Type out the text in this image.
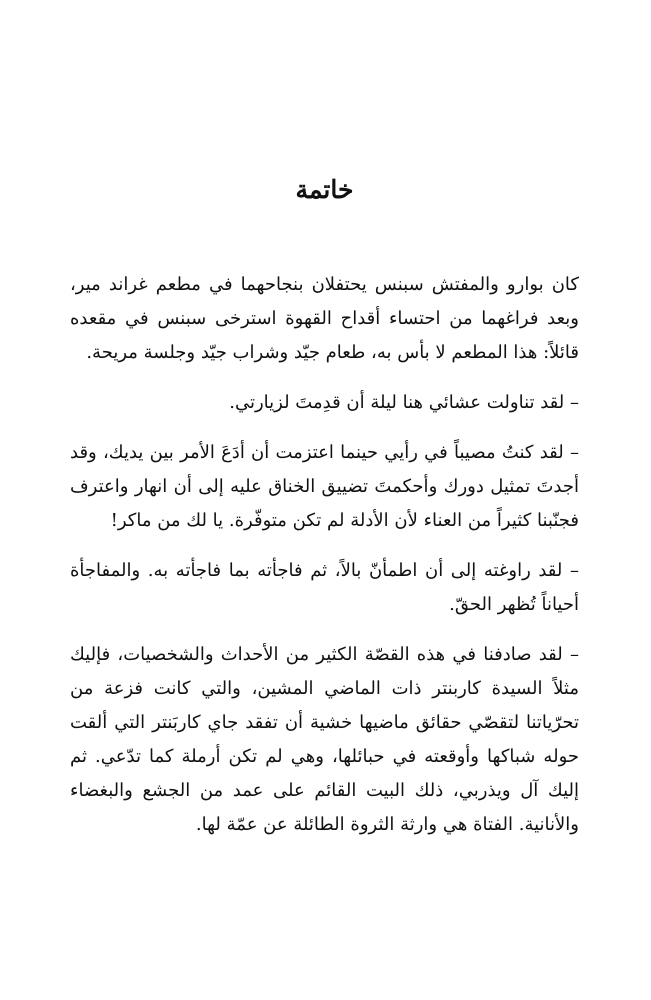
خاتمة

كان بوارو والمفتش سبنس يحتفلان بنجاحهما في مطعم غراند مير، وبعد فراغهما من احتساء أقداح القهوة استرخى سبنس في مقعده قائلاً: هذا المطعم لا بأس به، طعام جيّد وشراب جيّد وجلسة مريحة.

– لقد تناولت عشائي هنا ليلة أن قدِمتَ لزيارتي.

– لقد كنتُ مصيباً في رأيي حينما اعتزمت أن أدَعَ الأمر بين يديك، وقد أجدتَ تمثيل دورك وأحكمتَ تضييق الخناق عليه إلى أن انهار واعترف فجنّبنا كثيراً من العناء لأن الأدلة لم تكن متوفّرة. يا لك من ماكر!

– لقد راوغته إلى أن اطمأنّ بالاً، ثم فاجأته بما فاجأته به. والمفاجأة أحياناً تُظهر الحقّ.

– لقد صادفنا في هذه القصّة الكثير من الأحداث والشخصيات، فإليك مثلاً السيدة كاربنتر ذات الماضي المشين، والتي كانت فزعة من تحرّياتنا لتقصّي حقائق ماضيها خشية أن تفقد جاي كاربَنتر التي ألقت حوله شباكها وأوقعته في حبائلها، وهي لم تكن أرملة كما تدّعي. ثم إليك آل ويذربي، ذلك البيت القائم على عمد من الجشع والبغضاء والأنانية. الفتاة هي وارثة الثروة الطائلة عن عمّة لها.
